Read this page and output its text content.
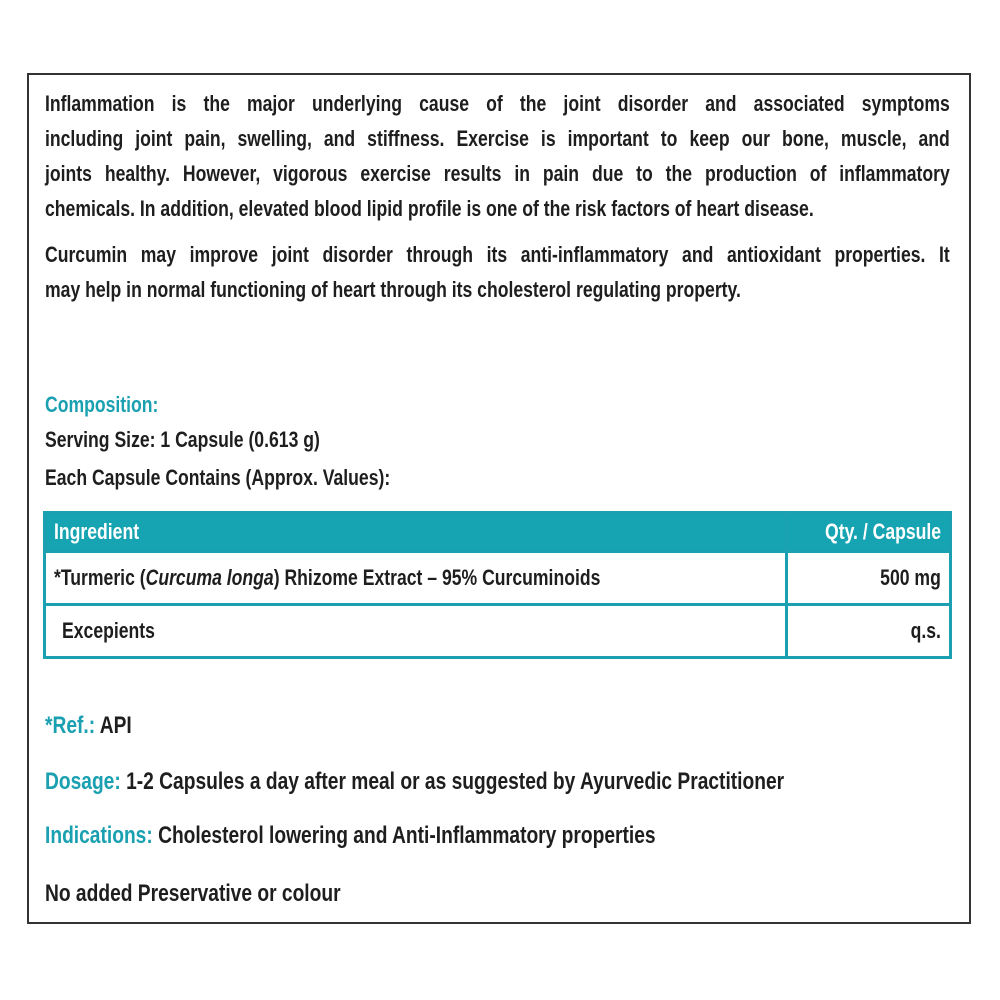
Inflammation is the major underlying cause of the joint disorder and associated symptoms
including joint pain, swelling, and stiffness. Exercise is important to keep our bone, muscle, and
joints healthy. However, vigorous exercise results in pain due to the production of inflammatory
chemicals. In addition, elevated blood lipid profile is one of the risk factors of heart disease.
Curcumin may improve joint disorder through its anti-inflammatory and antioxidant properties. It
may help in normal functioning of heart through its cholesterol regulating property.
Composition:
Serving Size: 1 Capsule (0.613 g)
Each Capsule Contains (Approx. Values):
Ingredient	Qty. / Capsule
*Turmeric (Curcuma longa) Rhizome Extract – 95% Curcuminoids	500 mg
Excepients	q.s.
*Ref.: API
Dosage: 1-2 Capsules a day after meal or as suggested by Ayurvedic Practitioner
Indications: Cholesterol lowering and Anti-Inflammatory properties
No added Preservative or colour
